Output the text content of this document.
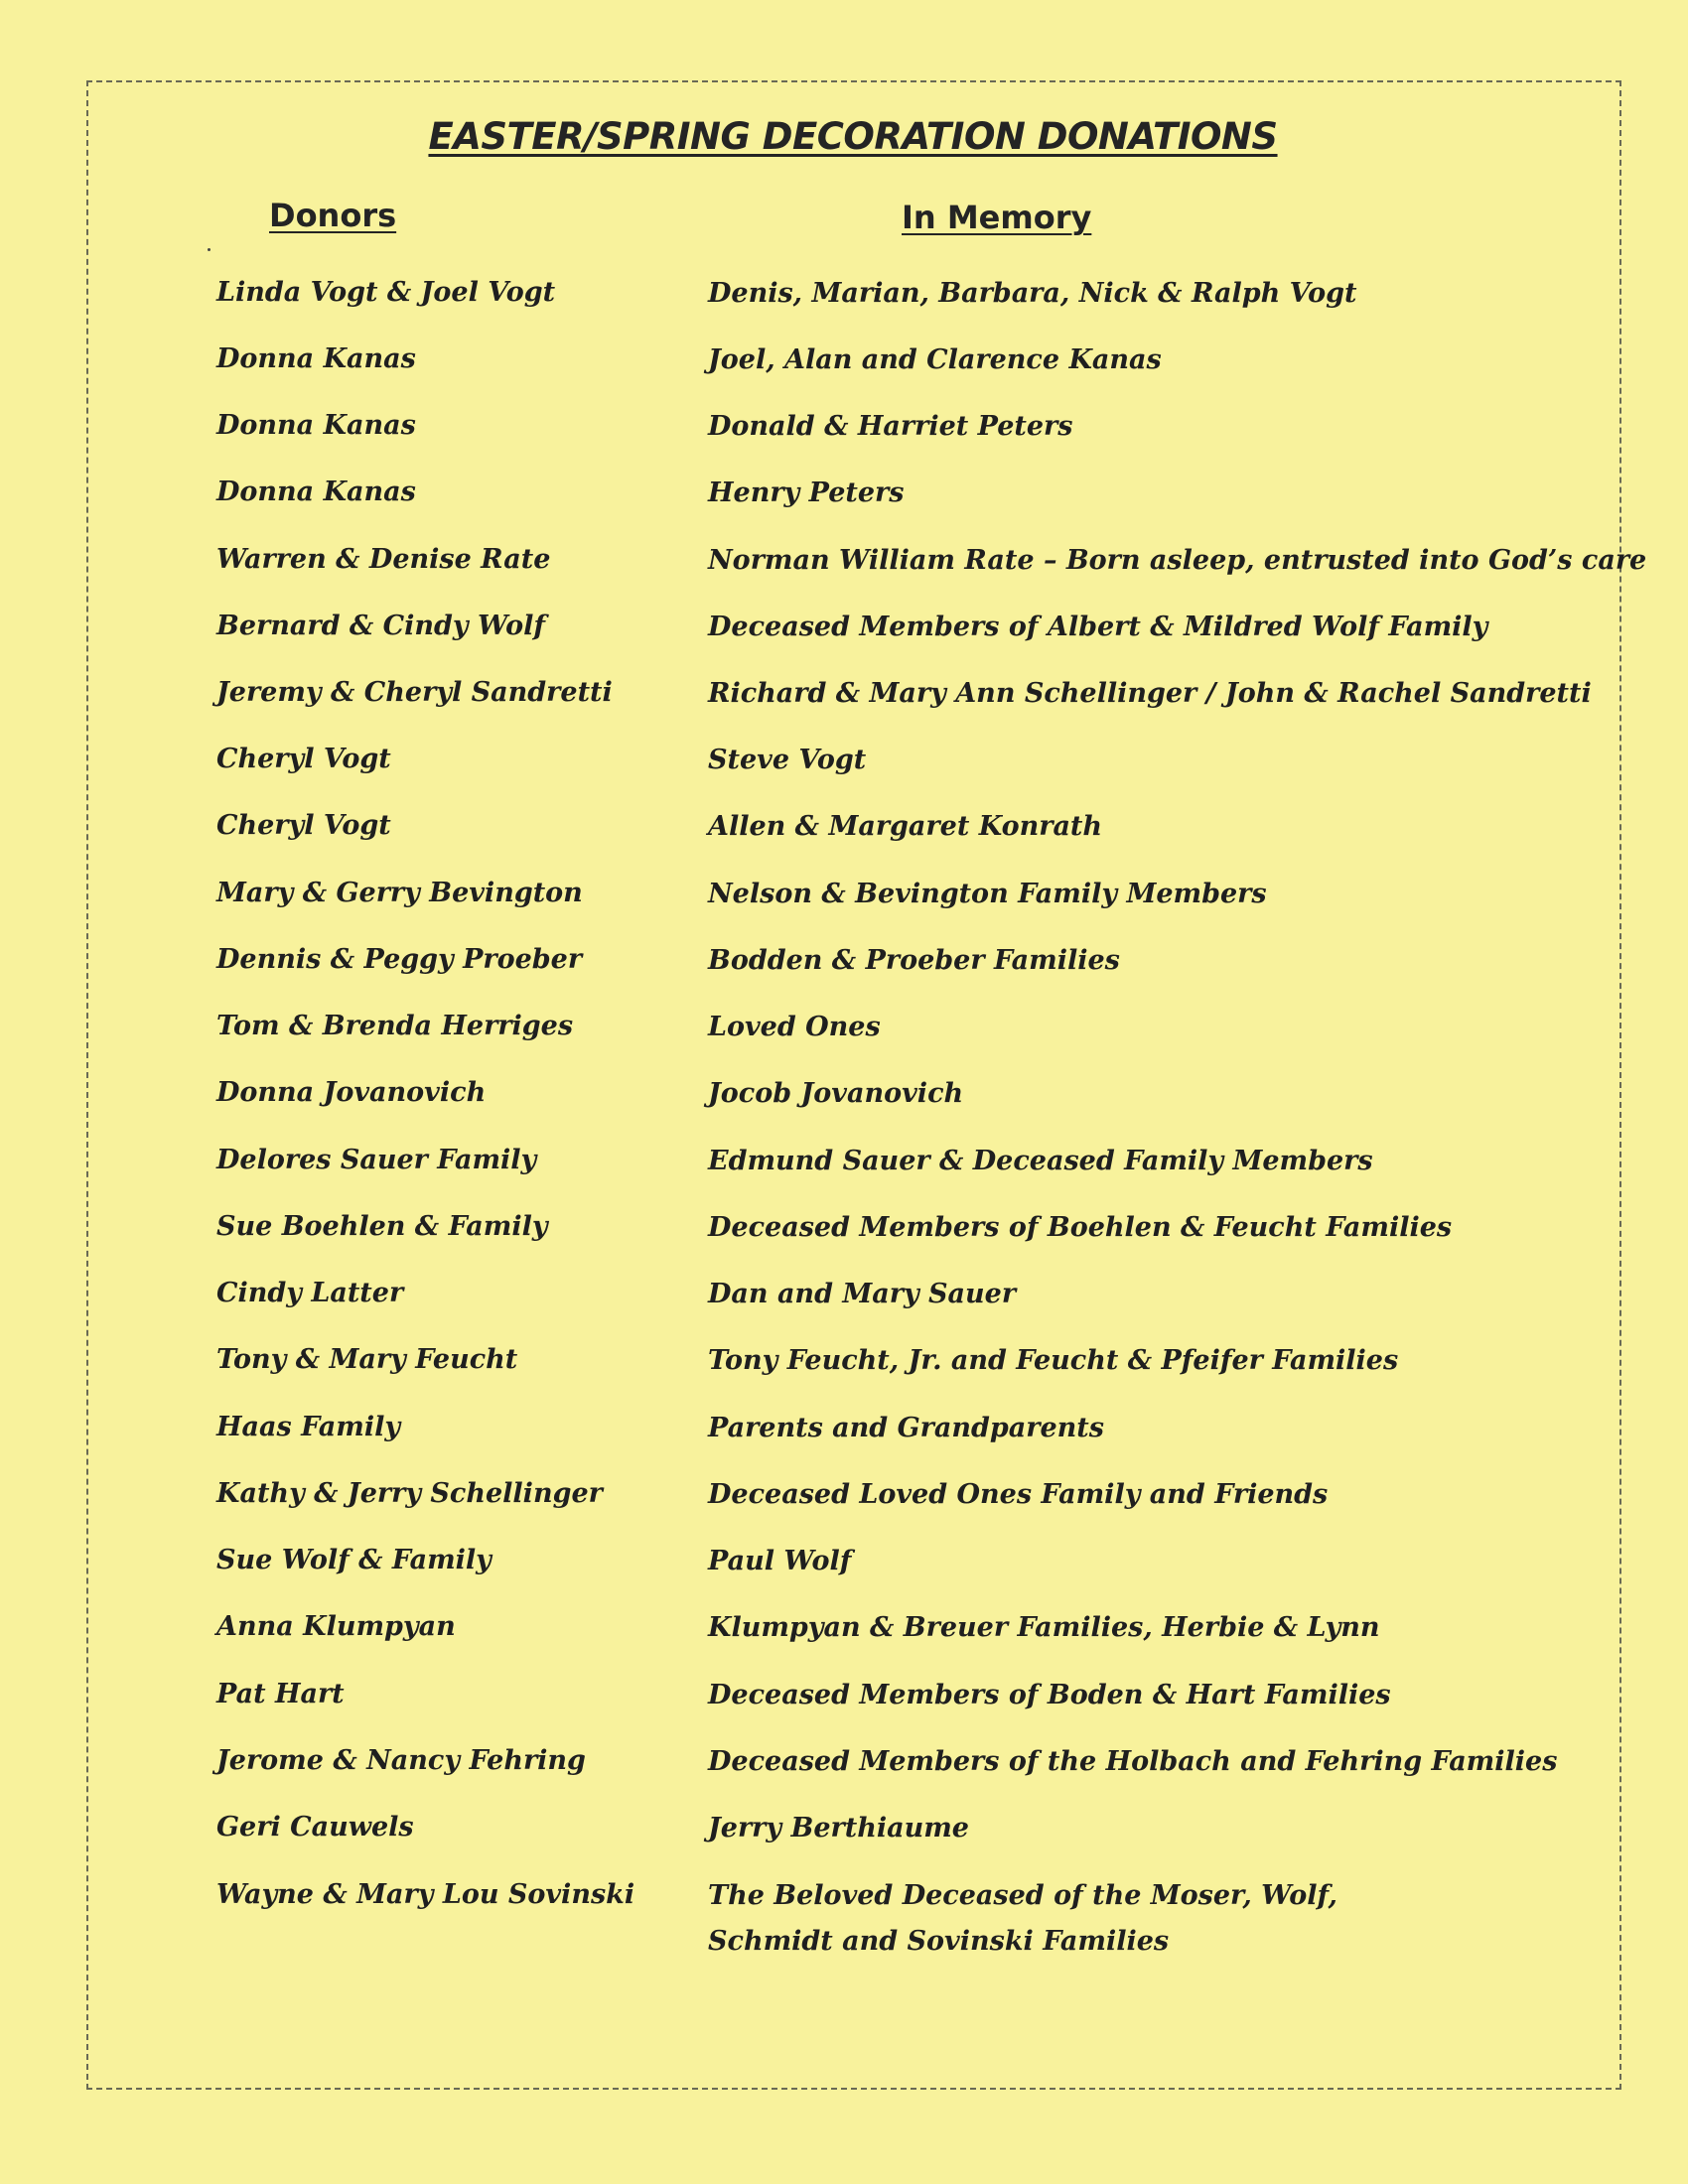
EASTER/SPRING DECORATION DONATIONS
Donors	In Memory
Linda Vogt & Joel Vogt	Denis, Marian, Barbara, Nick & Ralph Vogt
Donna Kanas	Joel, Alan and Clarence Kanas
Donna Kanas	Donald & Harriet Peters
Donna Kanas	Henry Peters
Warren & Denise Rate	Norman William Rate – Born asleep, entrusted into God’s care
Bernard & Cindy Wolf	Deceased Members of Albert & Mildred Wolf Family
Jeremy & Cheryl Sandretti	Richard & Mary Ann Schellinger / John & Rachel Sandretti
Cheryl Vogt	Steve Vogt
Cheryl Vogt	Allen & Margaret Konrath
Mary & Gerry Bevington	Nelson & Bevington Family Members
Dennis & Peggy Proeber	Bodden & Proeber Families
Tom & Brenda Herriges	Loved Ones
Donna Jovanovich	Jocob Jovanovich
Delores Sauer Family	Edmund Sauer & Deceased Family Members
Sue Boehlen & Family	Deceased Members of Boehlen & Feucht Families
Cindy Latter	Dan and Mary Sauer
Tony & Mary Feucht	Tony Feucht, Jr. and Feucht & Pfeifer Families
Haas Family	Parents and Grandparents
Kathy & Jerry Schellinger	Deceased Loved Ones Family and Friends
Sue Wolf & Family	Paul Wolf
Anna Klumpyan	Klumpyan & Breuer Families, Herbie & Lynn
Pat Hart	Deceased Members of Boden & Hart Families
Jerome & Nancy Fehring	Deceased Members of the Holbach and Fehring Families
Geri Cauwels	Jerry Berthiaume
Wayne & Mary Lou Sovinski	The Beloved Deceased of the Moser, Wolf, Schmidt and Sovinski Families
